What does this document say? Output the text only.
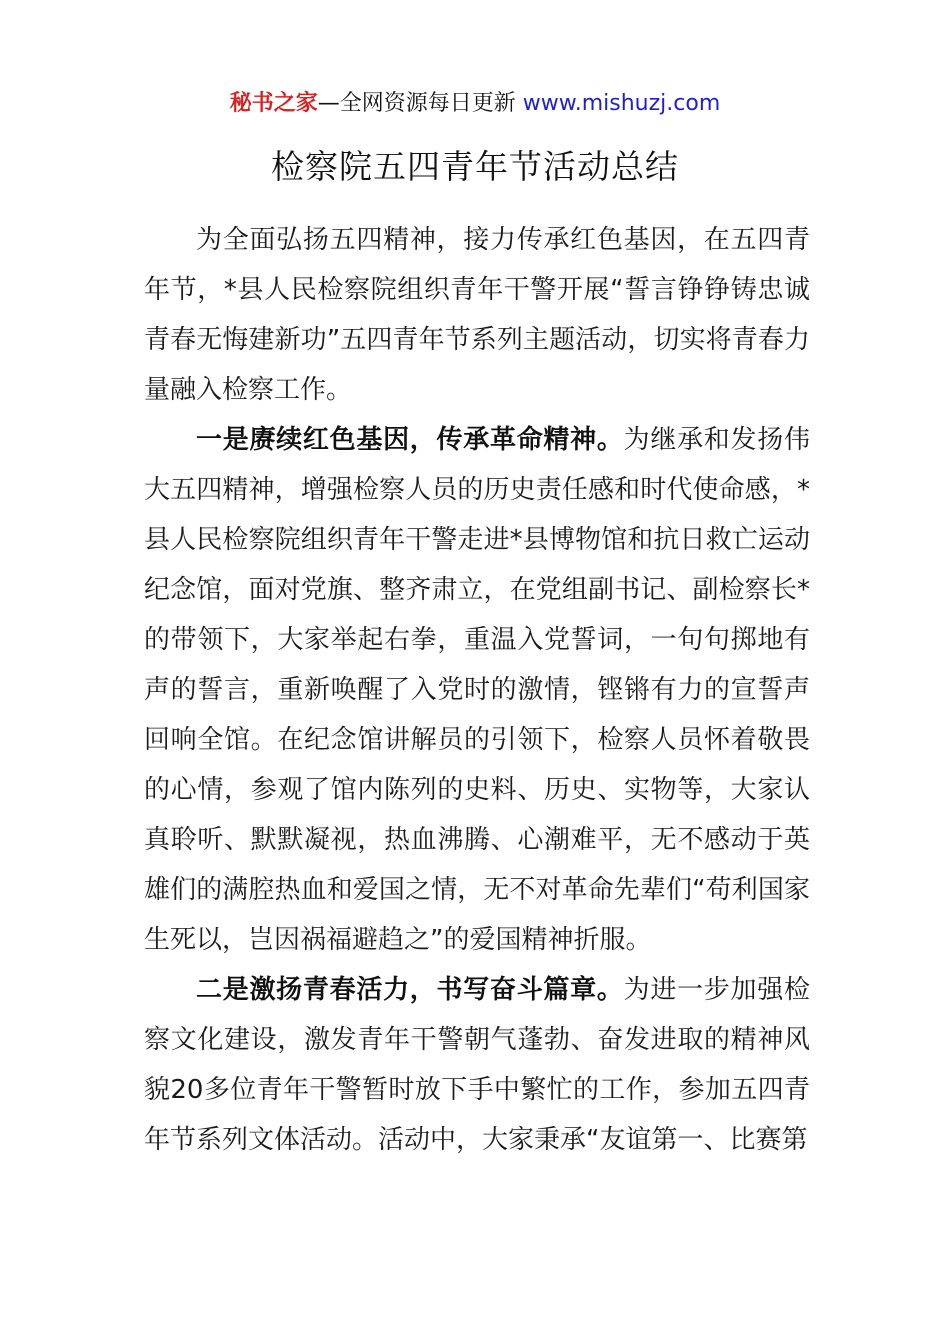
秘书之家—全网资源每日更新 www.mishuzj.com
检察院五四青年节活动总结

为全面弘扬五四精神，接力传承红色基因，在五四青年节，*县人民检察院组织青年干警开展“誓言铮铮铸忠诚青春无悔建新功”五四青年节系列主题活动，切实将青春力量融入检察工作。

一是赓续红色基因，传承革命精神。为继承和发扬伟大五四精神，增强检察人员的历史责任感和时代使命感，*县人民检察院组织青年干警走进*县博物馆和抗日救亡运动纪念馆，面对党旗、整齐肃立，在党组副书记、副检察长*的带领下，大家举起右拳，重温入党誓词，一句句掷地有声的誓言，重新唤醒了入党时的激情，铿锵有力的宣誓声回响全馆。在纪念馆讲解员的引领下，检察人员怀着敬畏的心情，参观了馆内陈列的史料、历史、实物等，大家认真聆听、默默凝视，热血沸腾、心潮难平，无不感动于英雄们的满腔热血和爱国之情，无不对革命先辈们“苟利国家生死以，岂因祸福避趋之”的爱国精神折服。

二是激扬青春活力，书写奋斗篇章。为进一步加强检察文化建设，激发青年干警朝气蓬勃、奋发进取的精神风貌20多位青年干警暂时放下手中繁忙的工作，参加五四青年节系列文体活动。活动中，大家秉承“友谊第一、比赛第
